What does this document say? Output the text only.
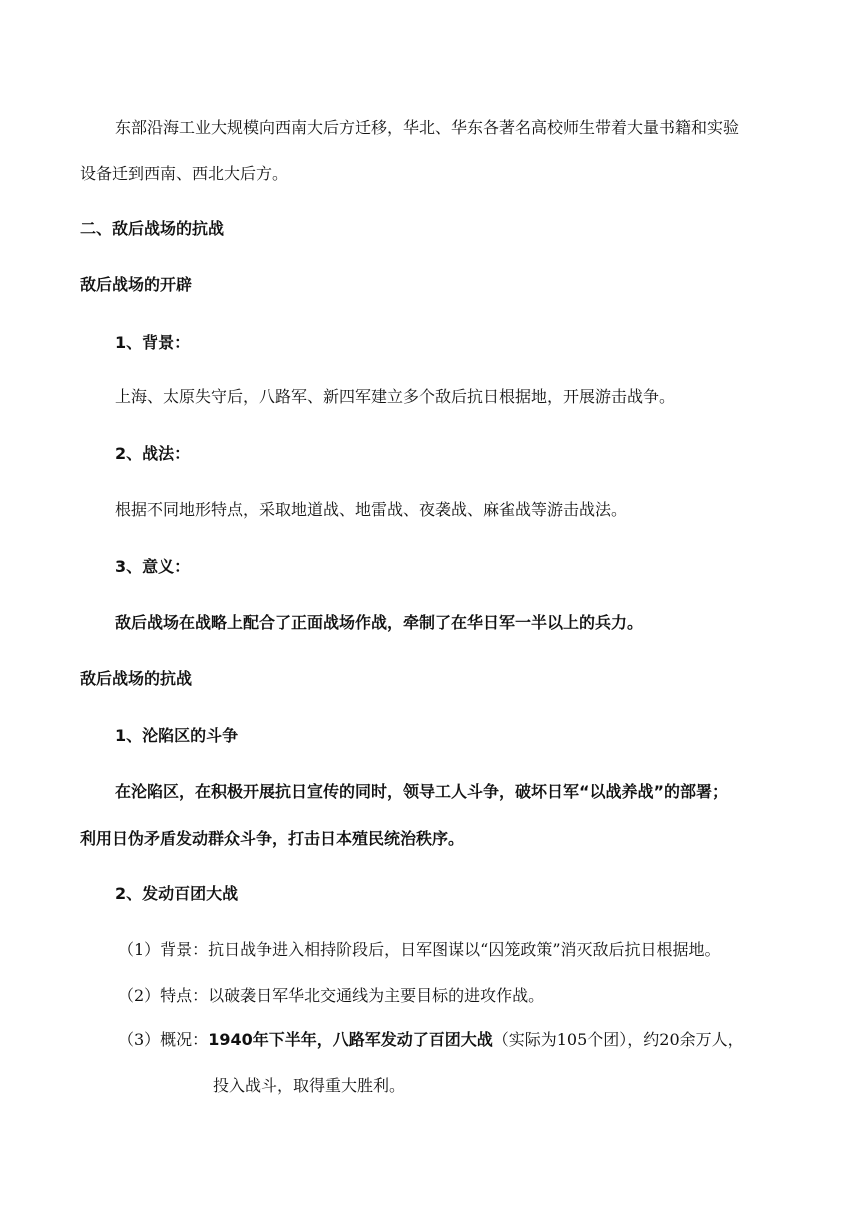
东部沿海工业大规模向西南大后方迁移，华北、华东各著名高校师生带着大量书籍和实验
设备迁到西南、西北大后方。
二、敌后战场的抗战
敌后战场的开辟
1、背景：
上海、太原失守后，八路军、新四军建立多个敌后抗日根据地，开展游击战争。
2、战法：
根据不同地形特点，采取地道战、地雷战、夜袭战、麻雀战等游击战法。
3、意义：
敌后战场在战略上配合了正面战场作战，牵制了在华日军一半以上的兵力。
敌后战场的抗战
1、沦陷区的斗争
在沦陷区，在积极开展抗日宣传的同时，领导工人斗争，破坏日军“以战养战”的部署；
利用日伪矛盾发动群众斗争，打击日本殖民统治秩序。
2、发动百团大战
（1）背景：抗日战争进入相持阶段后，日军图谋以“囚笼政策”消灭敌后抗日根据地。
（2）特点：以破袭日军华北交通线为主要目标的进攻作战。
（3）概况：1940年下半年，八路军发动了百团大战（实际为105个团），约20余万人，
投入战斗，取得重大胜利。
